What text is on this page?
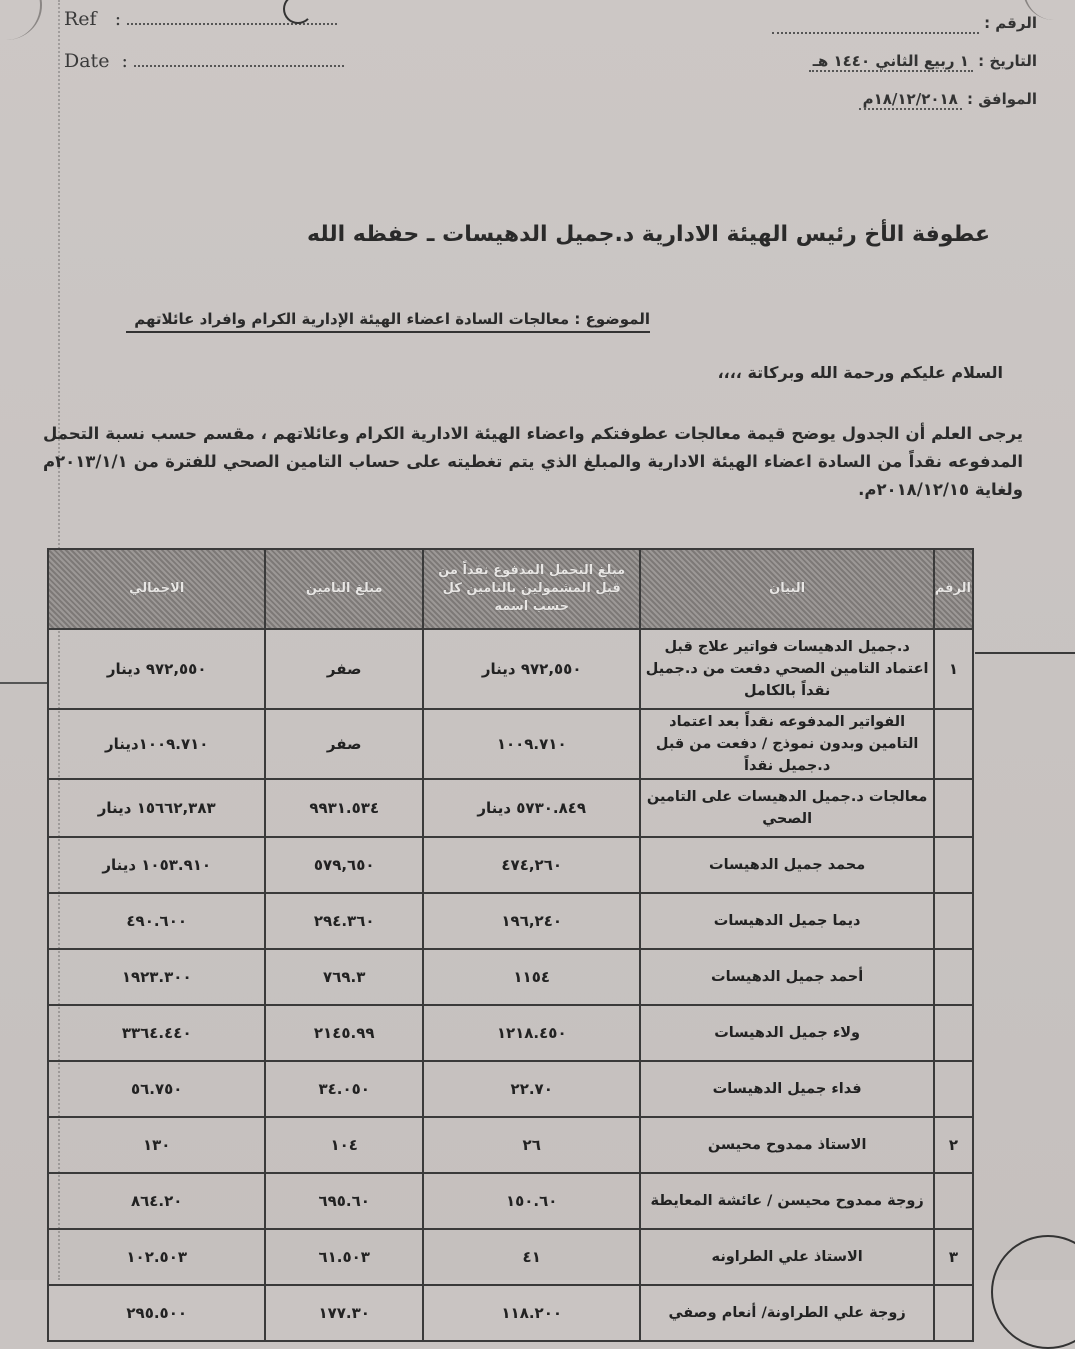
Ref   :
Date  :
الرقم :
التاريخ : ١ ربيع الثاني ١٤٤٠ هـ
الموافق : ١٨/١٢/٢٠١٨م
عطوفة الأخ رئيس الهيئة الادارية د.جميل الدهيسات ـ حفظه الله
الموضوع : معالجات السادة اعضاء الهيئة الإدارية الكرام وافراد عائلاتهم
السلام عليكم ورحمة الله وبركاتة ،،،،
يرجى العلم أن الجدول يوضح قيمة معالجات عطوفتكم واعضاء الهيئة الادارية الكرام وعائلاتهم ، مقسم حسب نسبة التحمل المدفوعه نقداً من السادة اعضاء الهيئة الادارية والمبلغ الذي يتم تغطيته على حساب التامين الصحي للفترة من ٢٠١٣/١/١م ولغاية ٢٠١٨/١٢/١٥م.
الرقم	البيان	مبلغ التحمل المدفوع نقداً من قبل المشمولين بالتامين كل حسب اسمه	مبلغ التامين	الاجمالي
١	د.جميل الدهيسات فواتير علاج قبل اعتماد التامين الصحي دفعت من د.جميل نقداً بالكامل	٩٧٢,٥٥٠ دينار	صفر	٩٧٢,٥٥٠ دينار
	الفواتير المدفوعه نقداً بعد اعتماد التامين وبدون نموذج / دفعت من قبل د.جميل نقداً	١٠٠٩.٧١٠	صفر	١٠٠٩.٧١٠دينار
	معالجات د.جميل الدهيسات على التامين الصحي	٥٧٣٠.٨٤٩ دينار	٩٩٣١.٥٣٤	١٥٦٦٢,٣٨٣ دينار
	محمد جميل الدهيسات	٤٧٤,٢٦٠	٥٧٩,٦٥٠	١٠٥٣.٩١٠ دينار
	ديما جميل الدهيسات	١٩٦,٢٤٠	٢٩٤.٣٦٠	٤٩٠.٦٠٠
	أحمد جميل الدهيسات	١١٥٤	٧٦٩.٣	١٩٢٣.٣٠٠
	ولاء جميل الدهيسات	١٢١٨.٤٥٠	٢١٤٥.٩٩	٣٣٦٤.٤٤٠
	فداء جميل الدهيسات	٢٢.٧٠	٣٤.٠٥٠	٥٦.٧٥٠
٢	الاستاذ ممدوح محيسن	٢٦	١٠٤	١٣٠
	زوجة ممدوح محيسن / عائشة المعايطة	١٥٠.٦٠	٦٩٥.٦٠	٨٦٤.٢٠
٣	الاستاذ علي الطراونه	٤١	٦١.٥٠٣	١٠٢.٥٠٣
	زوجة علي الطراونة/ أنعام وصفي	١١٨.٢٠٠	١٧٧.٣٠	٢٩٥.٥٠٠
